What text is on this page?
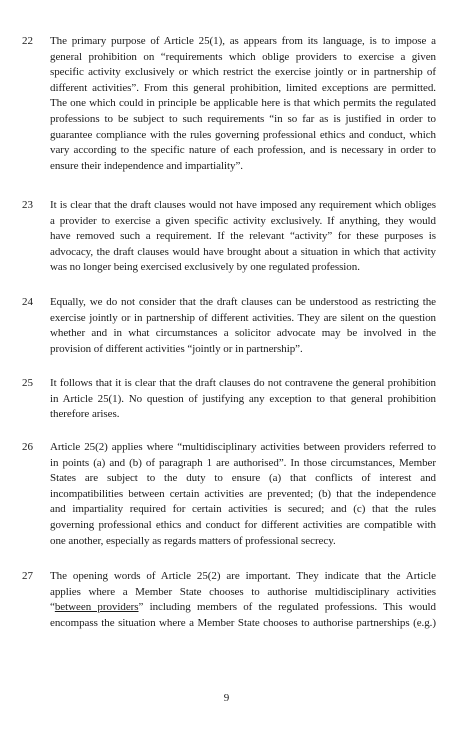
22 The primary purpose of Article 25(1), as appears from its language, is to impose a
general prohibition on “requirements which oblige providers to exercise a given
specific activity exclusively or which restrict the exercise jointly or in partnership of
different activities”. From this general prohibition, limited exceptions are permitted.
The one which could in principle be applicable here is that which permits the regulated
professions to be subject to such requirements “in so far as is justified in order to
guarantee compliance with the rules governing professional ethics and conduct, which
vary according to the specific nature of each profession, and is necessary in order to
ensure their independence and impartiality”.
23 It is clear that the draft clauses would not have imposed any requirement which obliges
a provider to exercise a given specific activity exclusively. If anything, they would
have removed such a requirement. If the relevant “activity” for these purposes is
advocacy, the draft clauses would have brought about a situation in which that activity
was no longer being exercised exclusively by one regulated profession.
24 Equally, we do not consider that the draft clauses can be understood as restricting the
exercise jointly or in partnership of different activities. They are silent on the question
whether and in what circumstances a solicitor advocate may be involved in the
provision of different activities “jointly or in partnership”.
25 It follows that it is clear that the draft clauses do not contravene the general prohibition
in Article 25(1). No question of justifying any exception to that general prohibition
therefore arises.
26 Article 25(2) applies where “multidisciplinary activities between providers referred to
in points (a) and (b) of paragraph 1 are authorised”. In those circumstances, Member
States are subject to the duty to ensure (a) that conflicts of interest and
incompatibilities between certain activities are prevented; (b) that the independence
and impartiality required for certain activities is secured; and (c) that the rules
governing professional ethics and conduct for different activities are compatible with
one another, especially as regards matters of professional secrecy.
27 The opening words of Article 25(2) are important. They indicate that the Article
applies where a Member State chooses to authorise multidisciplinary activities
“between providers” including members of the regulated professions. This would
encompass the situation where a Member State chooses to authorise partnerships (e.g.)
9
